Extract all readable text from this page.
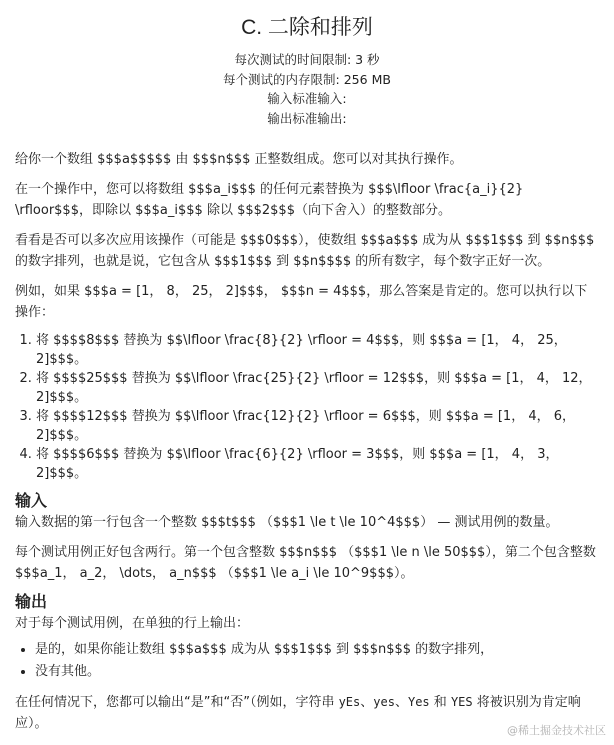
C. 二除和排列
每次测试的时间限制: 3 秒
每个测试的内存限制: 256 MB
输入标准输入:
输出标准输出:

给你一个数组 $$$a$$$$$ 由 $$$n$$$ 正整数组成。您可以对其执行操作。

在一个操作中，您可以将数组 $$$a_i$$$ 的任何元素替换为 $$$\lfloor \frac{a_i}{2} \rfloor$$$，即除以 $$$a_i$$$ 除以 $$$2$$$（向下舍入）的整数部分。

看看是否可以多次应用该操作（可能是 $$$0$$$），使数组 $$$a$$$ 成为从 $$$1$$$ 到 $$n$$$ 的数字排列，也就是说，它包含从 $$$1$$$ 到 $$n$$$$ 的所有数字，每个数字正好一次。

例如，如果 $$$a = [1， 8， 25， 2]$$$， $$$n = 4$$$，那么答案是肯定的。您可以执行以下操作：

1. 将 $$$$8$$$ 替换为 $$\lfloor \frac{8}{2} \rfloor = 4$$$，则 $$$a = [1， 4， 25， 2]$$$。
2. 将 $$$$25$$$ 替换为 $$\lfloor \frac{25}{2} \rfloor = 12$$$，则 $$$a = [1， 4， 12， 2]$$$。
3. 将 $$$$12$$$ 替换为 $$\lfloor \frac{12}{2} \rfloor = 6$$$，则 $$$a = [1， 4， 6， 2]$$$。
4. 将 $$$$6$$$ 替换为 $$\lfloor \frac{6}{2} \rfloor = 3$$$，则 $$$a = [1， 4， 3， 2]$$$。
输入

输入数据的第一行包含一个整数 $$$t$$$ （$$$1 \le t \le 10^4$$$） — 测试用例的数量。

每个测试用例正好包含两行。第一个包含整数 $$$n$$$ （$$$1 \le n \le 50$$$），第二个包含整数 $$$a_1， a_2， \dots， a_n$$$ （$$$1 \le a_i \le 10^9$$$）。

输出

对于每个测试用例，在单独的行上输出：

• 是的，如果你能让数组 $$$a$$$ 成为从 $$$1$$$ 到 $$$n$$$ 的数字排列，
• 没有其他。

在任何情况下，您都可以输出“是”和“否”（例如，字符串 yEs、yes、Yes 和 YES 将被识别为肯定响应）。	@稀土掘金技术社区
